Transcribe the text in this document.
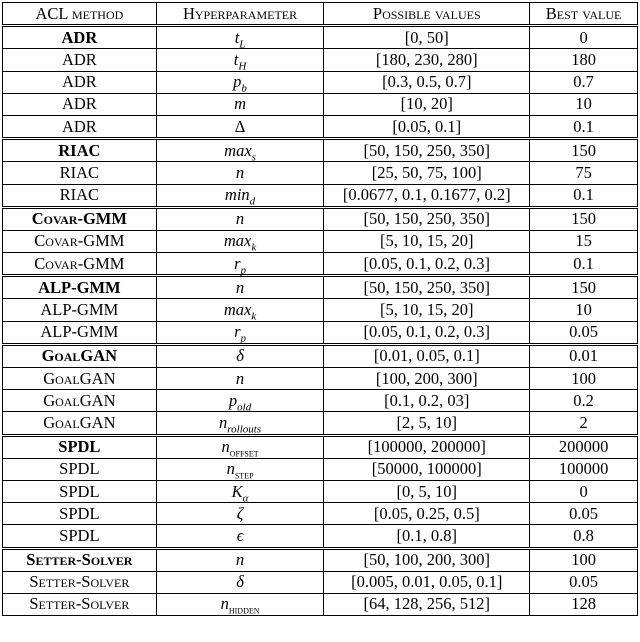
ACL method	Hyperparameter	Possible values	Best value
ADR	$t_L$	[0, 50]	0
ADR	$t_H$	[180, 230, 280]	180
ADR	$p_b$	[0.3, 0.5, 0.7]	0.7
ADR	m	[10, 20]	10
ADR	Δ	[0.05, 0.1]	0.1
RIAC	$\max_s$	[50, 150, 250, 350]	150
RIAC	n	[25, 50, 75, 100]	75
RIAC	$\min_d$	[0.0677, 0.1, 0.1677, 0.2]	0.1
Covar-GMM	n	[50, 150, 250, 350]	150
Covar-GMM	$\max_k$	[5, 10, 15, 20]	15
Covar-GMM	$r_p$	[0.05, 0.1, 0.2, 0.3]	0.1
ALP-GMM	n	[50, 150, 250, 350]	150
ALP-GMM	$\max_k$	[5, 10, 15, 20]	10
ALP-GMM	$r_p$	[0.05, 0.1, 0.2, 0.3]	0.05
GoalGAN	δ	[0.01, 0.05, 0.1]	0.01
GoalGAN	n	[100, 200, 300]	100
GoalGAN	$p_{old}$	[0.1, 0.2, 03]	0.2
GoalGAN	$n_{rollouts}$	[2, 5, 10]	2
SPDL	$n_{offset}$	[100000, 200000]	200000
SPDL	$n_{step}$	[50000, 100000]	100000
SPDL	$K_\alpha$	[0, 5, 10]	0
SPDL	ζ	[0.05, 0.25, 0.5]	0.05
SPDL	ϵ	[0.1, 0.8]	0.8
Setter-Solver	n	[50, 100, 200, 300]	100
Setter-Solver	δ	[0.005, 0.01, 0.05, 0.1]	0.05
Setter-Solver	$n_{hidden}$	[64, 128, 256, 512]	128
